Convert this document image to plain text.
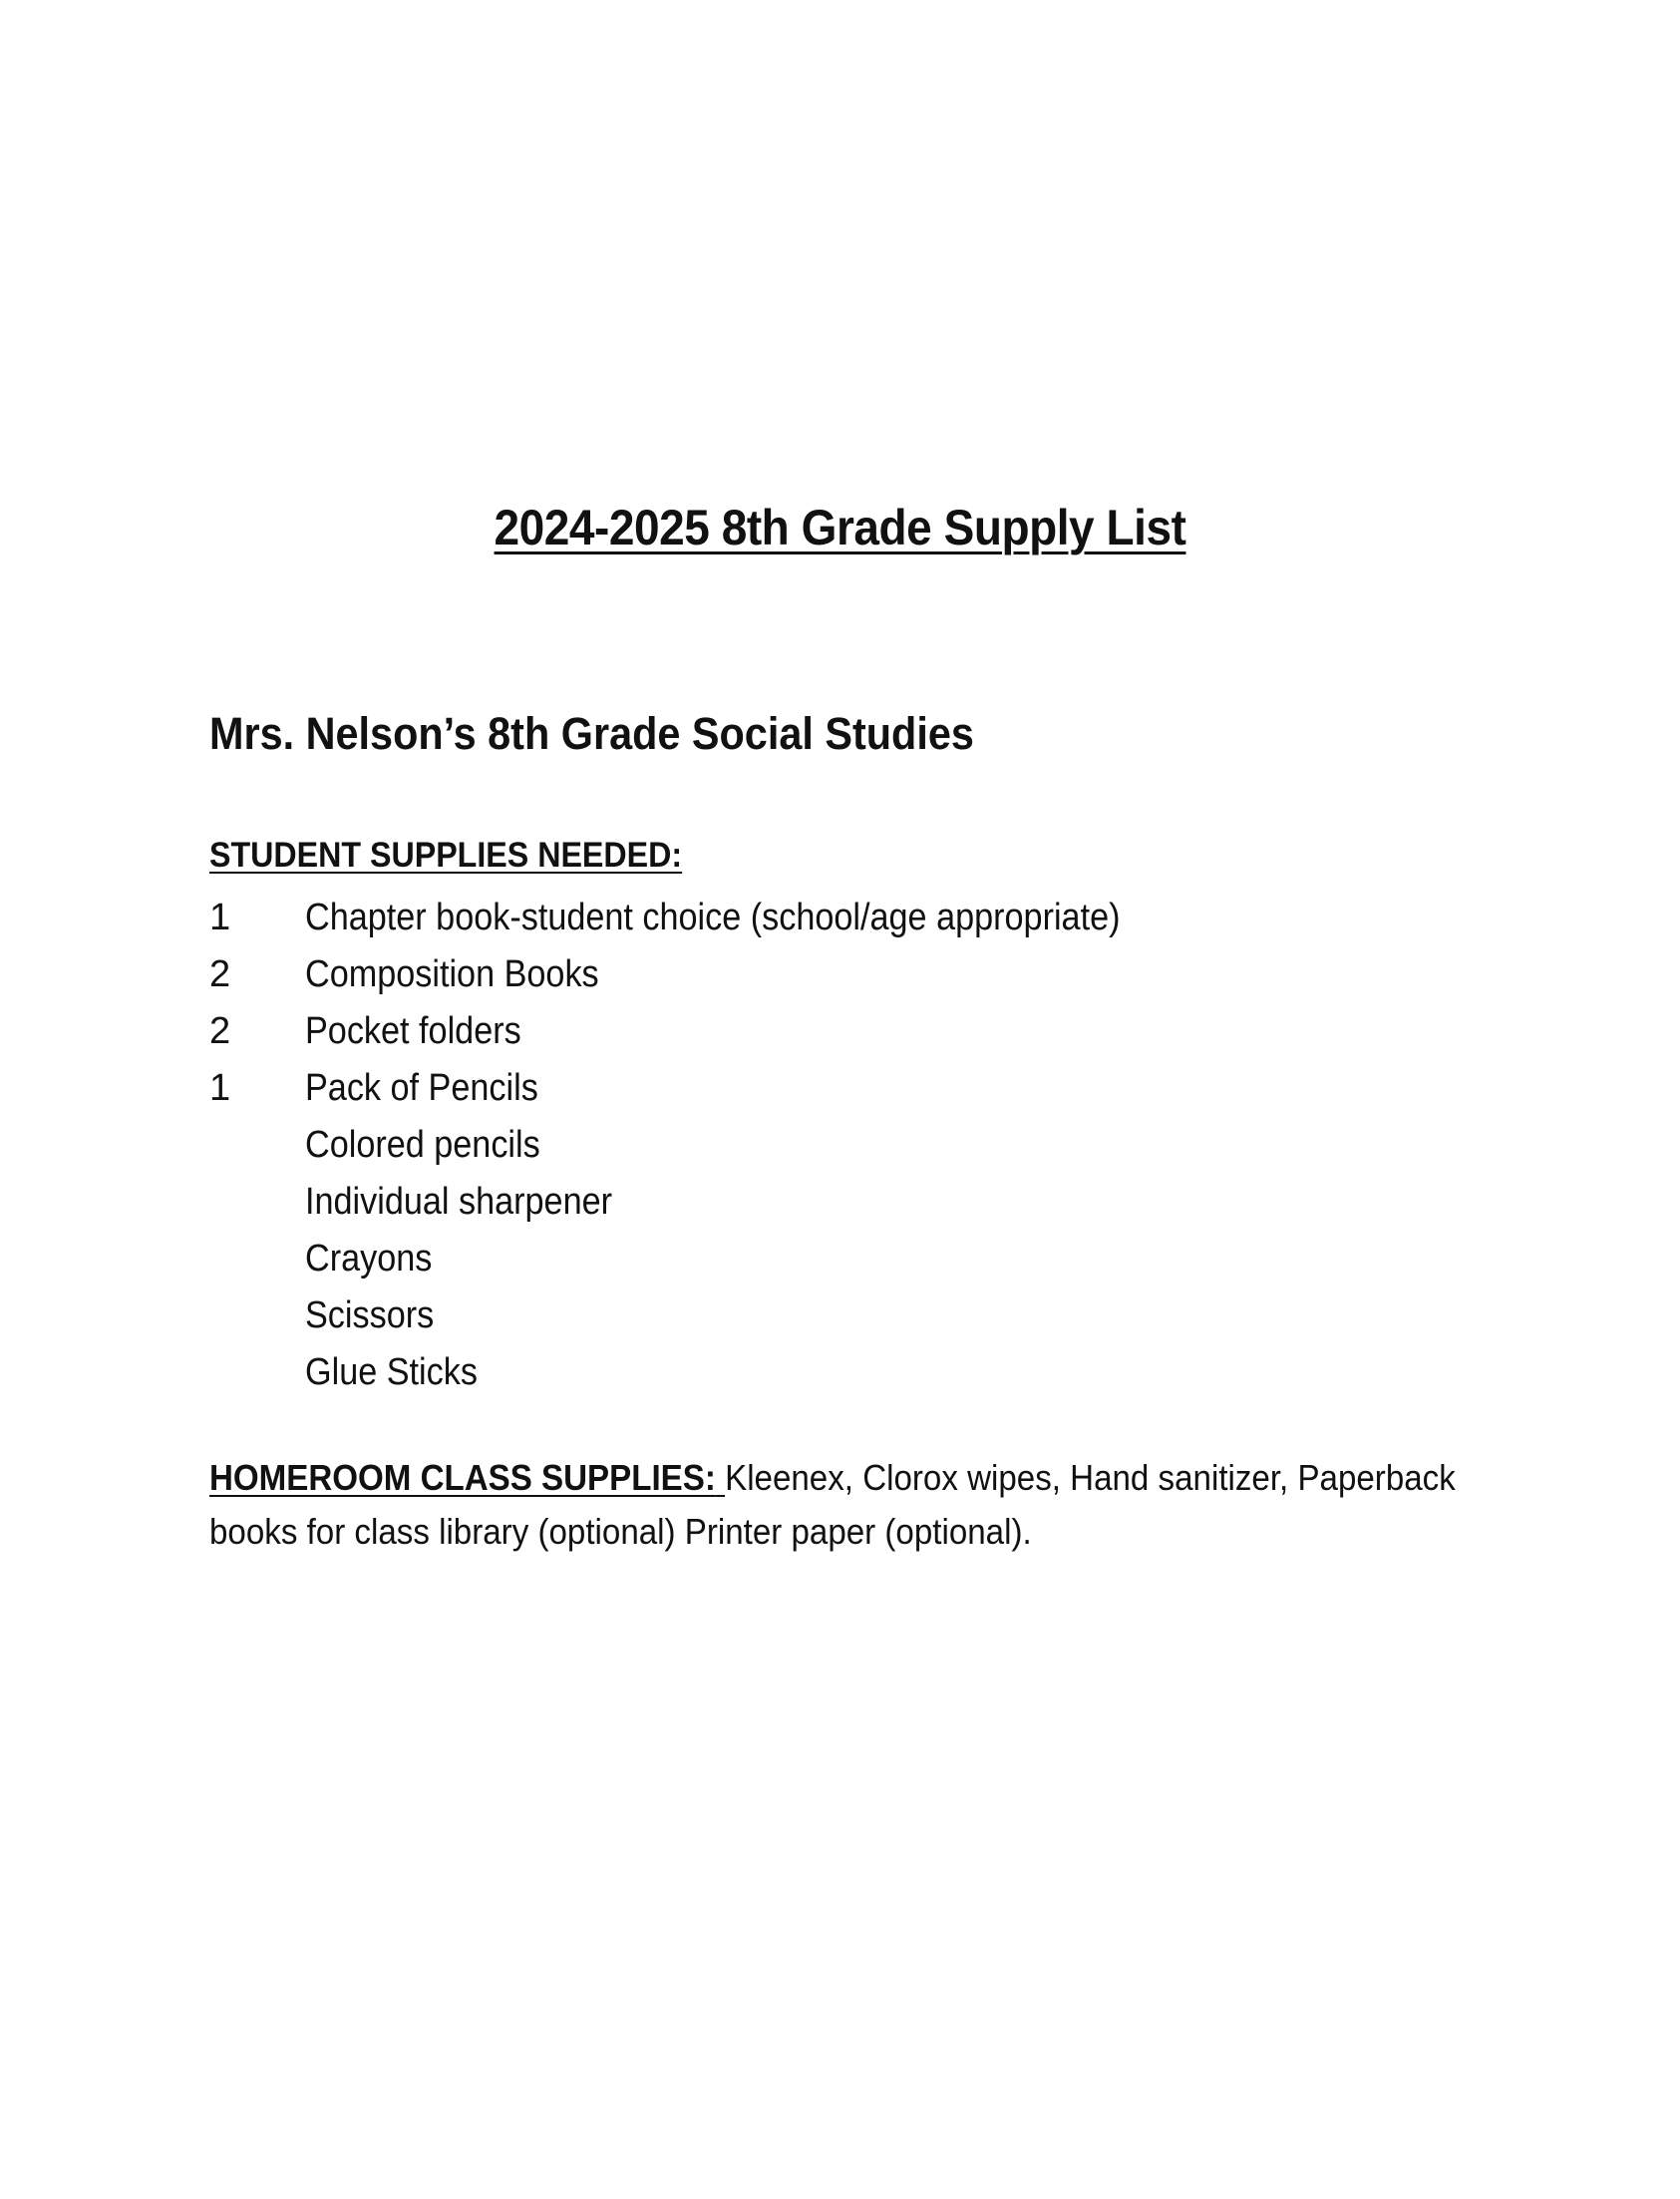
2024-2025 8th Grade Supply List
Mrs. Nelson’s 8th Grade Social Studies
STUDENT SUPPLIES NEEDED:
1	Chapter book-student choice (school/age appropriate)
2	Composition Books
2	Pocket folders
1	Pack of Pencils
Colored pencils
Individual sharpener
Crayons
Scissors
Glue Sticks
HOMEROOM CLASS SUPPLIES: Kleenex, Clorox wipes, Hand sanitizer, Paperback books for class library (optional) Printer paper (optional).
